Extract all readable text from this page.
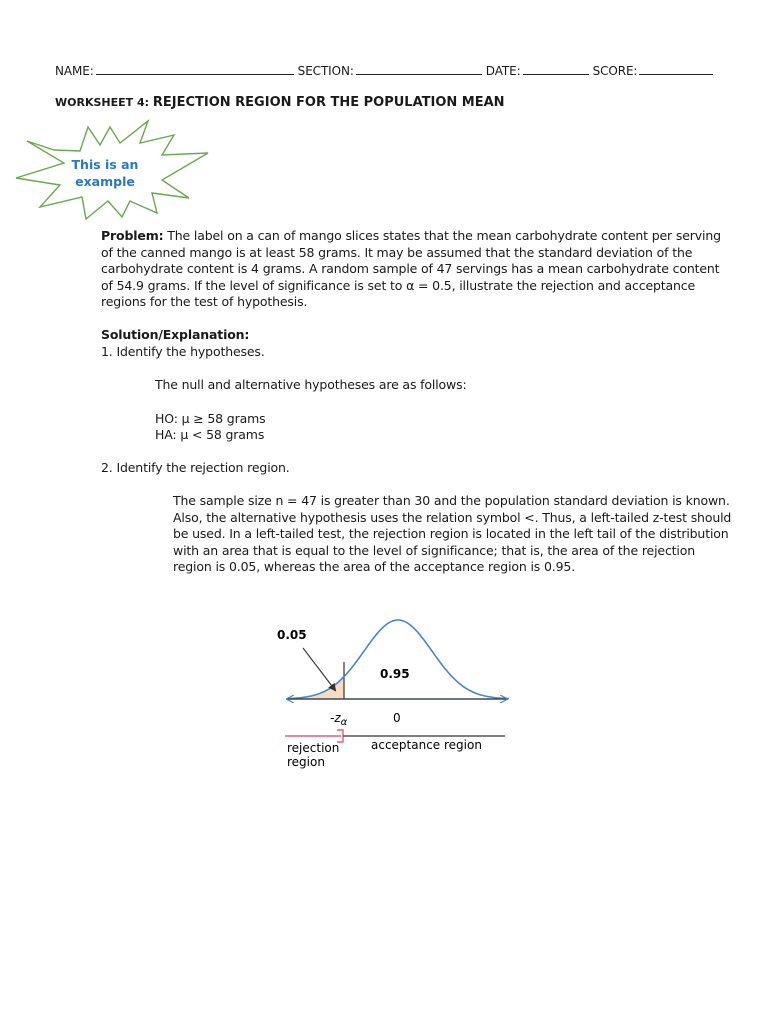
NAME:	SECTION:	DATE:	SCORE:
WORKSHEET 4: REJECTION REGION FOR THE POPULATION MEAN
This is an
example
Problem: The label on a can of mango slices states that the mean carbohydrate content per serving of the canned mango is at least 58 grams. It may be assumed that the standard deviation of the carbohydrate content is 4 grams. A random sample of 47 servings has a mean carbohydrate content of 54.9 grams. If the level of significance is set to α = 0.5, illustrate the rejection and acceptance regions for the test of hypothesis.
Solution/Explanation:
1. Identify the hypotheses.
The null and alternative hypotheses are as follows:
HO: μ ≥ 58 grams
HA: μ < 58 grams
2. Identify the rejection region.
The sample size n = 47 is greater than 30 and the population standard deviation is known. Also, the alternative hypothesis uses the relation symbol <. Thus, a left-tailed z-test should be used. In a left-tailed test, the rejection region is located in the left tail of the distribution with an area that is equal to the level of significance; that is, the area of the rejection region is 0.05, whereas the area of the acceptance region is 0.95.
0.05
0.95
$-z_\alpha$	0
rejection
region
acceptance region
